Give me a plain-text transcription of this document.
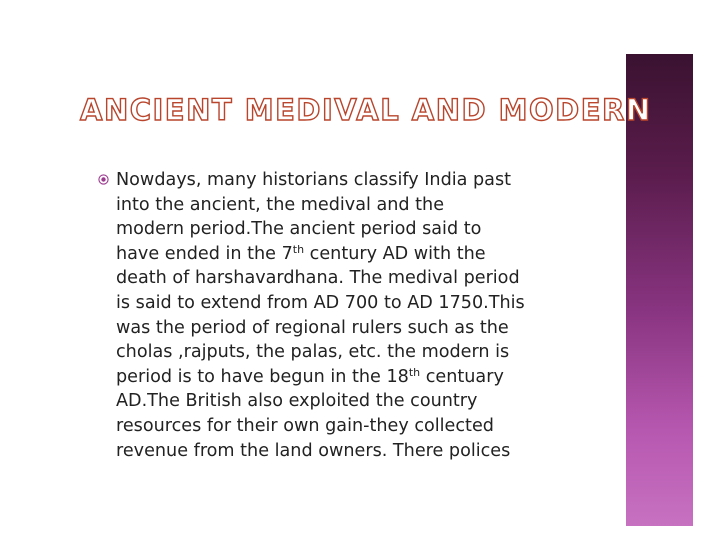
ANCIENT MEDIVAL AND MODERN
Nowdays, many historians classify India past
into the ancient, the medival and the
modern period.The ancient period said to
have ended in the 7th century AD with the
death of harshavardhana. The medival period
is said to extend from AD 700 to AD 1750.This
was the period of regional rulers such as the
cholas ,rajputs, the palas, etc. the modern is
period is to have begun in the 18th centuary
AD.The British also exploited the country
resources for their own gain-they collected
revenue from the land owners. There polices
